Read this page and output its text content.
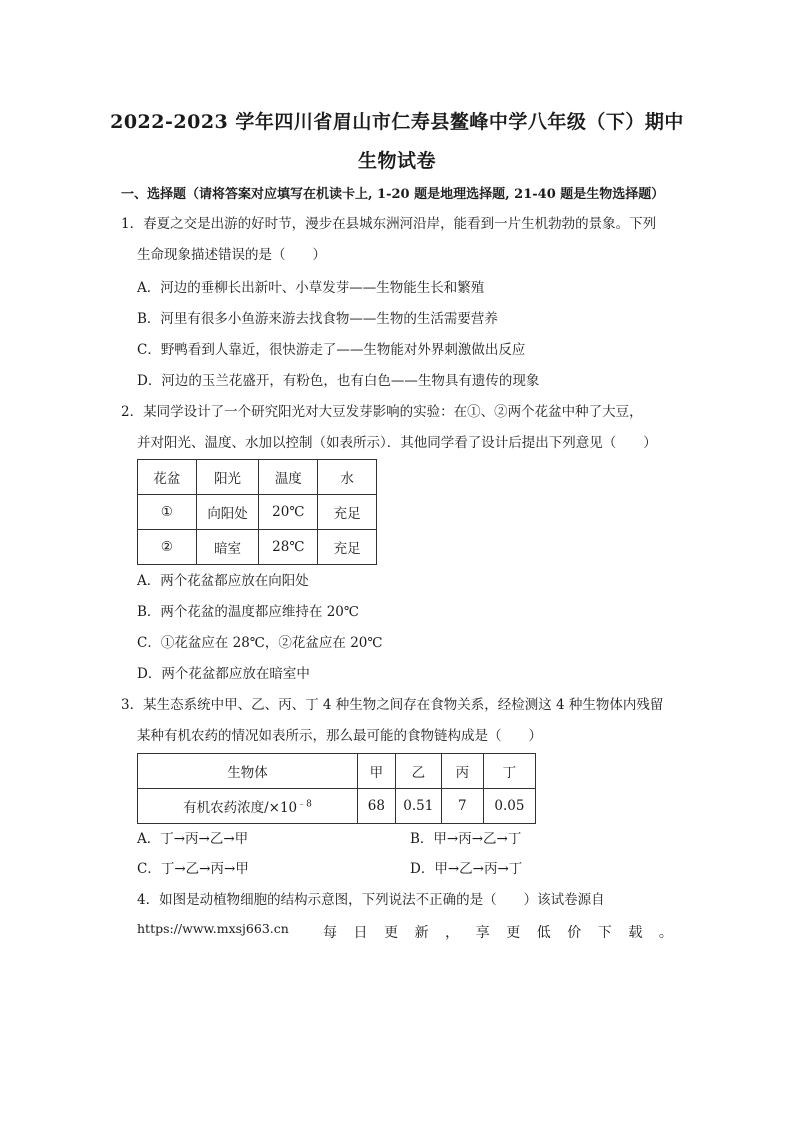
2022-2023 学年四川省眉山市仁寿县鳌峰中学八年级（下）期中
生物试卷
一、选择题（请将答案对应填写在机读卡上, 1-20 题是地理选择题, 21-40 题是生物选择题）
1．春夏之交是出游的好时节，漫步在县城东洲河沿岸，能看到一片生机勃勃的景象。下列
生命现象描述错误的是（　　）
A．河边的垂柳长出新叶、小草发芽——生物能生长和繁殖
B．河里有很多小鱼游来游去找食物——生物的生活需要营养
C．野鸭看到人靠近，很快游走了——生物能对外界刺激做出反应
D．河边的玉兰花盛开，有粉色，也有白色——生物具有遗传的现象
2．某同学设计了一个研究阳光对大豆发芽影响的实验：在①、②两个花盆中种了大豆，
并对阳光、温度、水加以控制（如表所示）．其他同学看了设计后提出下列意见（　　）
花盆	阳光	温度	水
①	向阳处	20℃	充足
②	暗室	28℃	充足
A．两个花盆都应放在向阳处
B．两个花盆的温度都应维持在 20℃
C．①花盆应在 28℃，②花盆应在 20℃
D．两个花盆都应放在暗室中
3．某生态系统中甲、乙、丙、丁 4 种生物之间存在食物关系，经检测这 4 种生物体内残留
某种有机农药的情况如表所示，那么最可能的食物链构成是（　　）
生物体	甲	乙	丙	丁
有机农药浓度$/\times 10^{﹣8}$	68	0.51	7	0.05
A．丁→丙→乙→甲	B．甲→丙→乙→丁
C．丁→乙→丙→甲	D．甲→乙→丙→丁
4．如图是动植物细胞的结构示意图，下列说法不正确的是（　　）该试卷源自
https://www.mxsj663.cn 每 日 更 新 ， 享 更 低 价 下 载 。
